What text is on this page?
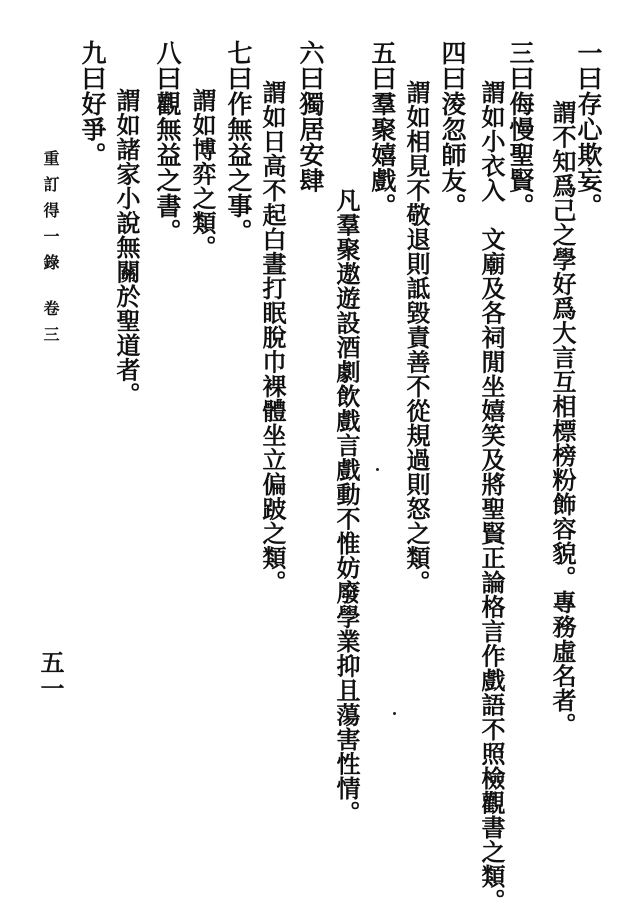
一曰存心欺妄。
謂不知爲己之學好爲大言互相標榜粉飾容貌。專務虛名者。
三曰侮慢聖賢。
謂如小衣入　文廟及各祠閒坐嬉笑及將聖賢正論格言作戲語不照檢觀書之類。
四曰淩忽師友。
謂如相見不敬退則詆毀責善不從規過則怒之類。
五曰羣聚嬉戲。
凡羣聚遨遊設酒劇飲戲言戲動不惟妨廢學業抑且蕩害性情。
六曰獨居安肆
謂如日高不起白晝打眠脫巾裸體坐立偏跛之類。
七曰作無益之事。
謂如博弈之類。
八曰觀無益之書。
謂如諸家小說無關於聖道者。
九曰好爭。
重訂得一錄
卷三
五一
